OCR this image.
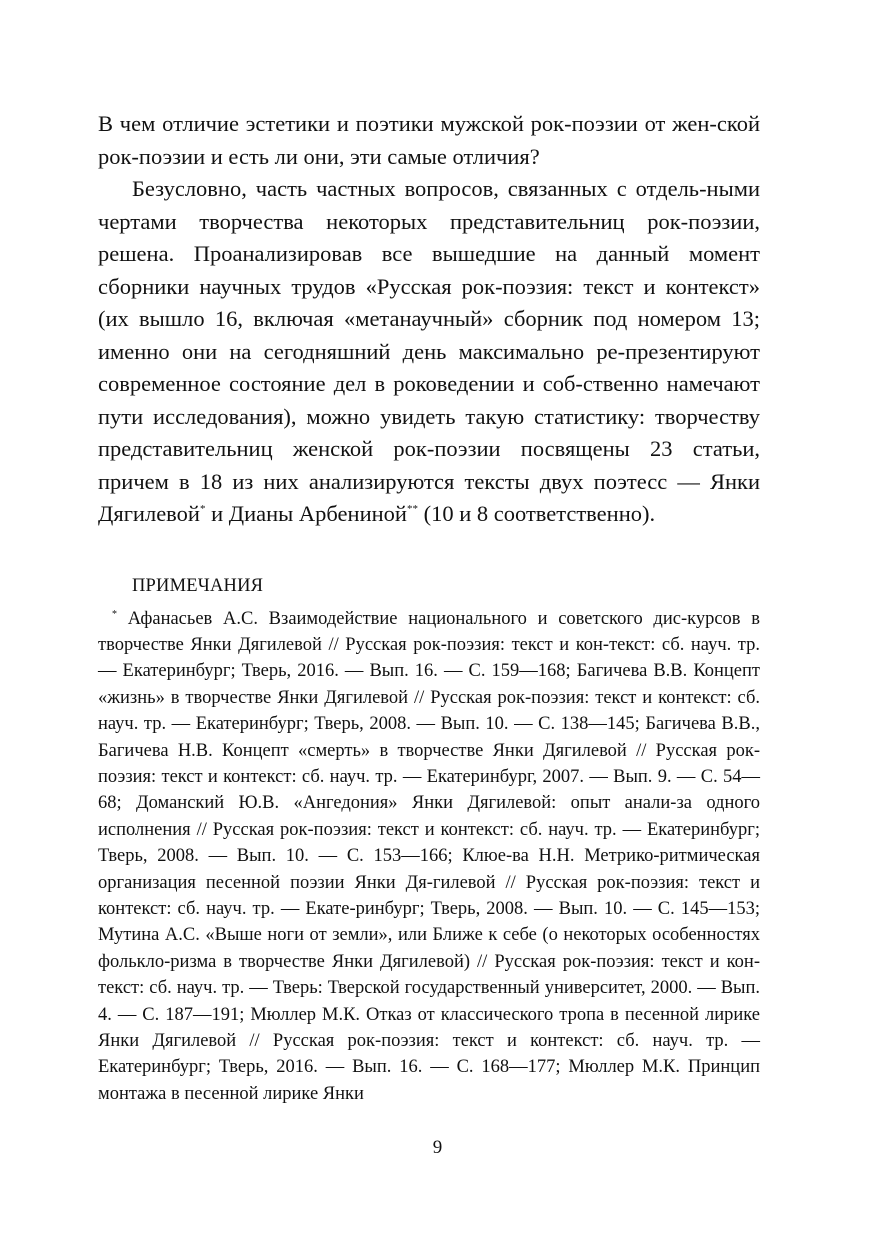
В чем отличие эстетики и поэтики мужской рок-поэзии от жен-ской рок-поэзии и есть ли они, эти самые отличия?

Безусловно, часть частных вопросов, связанных с отдель-ными чертами творчества некоторых представительниц рок-поэзии, решена. Проанализировав все вышедшие на данный момент сборники научных трудов «Русская рок-поэзия: текст и контекст» (их вышло 16, включая «метанаучный» сборник под номером 13; именно они на сегодняшний день максимально ре-презентируют современное состояние дел в роковедении и соб-ственно намечают пути исследования), можно увидеть такую статистику: творчеству представительниц женской рок-поэзии посвящены 23 статьи, причем в 18 из них анализируются тексты двух поэтесс — Янки Дягилевой* и Дианы Арбениной** (10 и 8 соответственно).

ПРИМЕЧАНИЯ

* Афанасьев А.С. Взаимодействие национального и советского дис-курсов в творчестве Янки Дягилевой // Русская рок-поэзия: текст и кон-текст: сб. науч. тр. — Екатеринбург; Тверь, 2016. — Вып. 16. — С. 159—168; Багичева В.В. Концепт «жизнь» в творчестве Янки Дягилевой // Русская рок-поэзия: текст и контекст: сб. науч. тр. — Екатеринбург; Тверь, 2008. — Вып. 10. — С. 138—145; Багичева В.В., Багичева Н.В. Концепт «смерть» в творчестве Янки Дягилевой // Русская рок-поэзия: текст и контекст: сб. науч. тр. — Екатеринбург, 2007. — Вып. 9. — С. 54—68; Доманский Ю.В. «Ангедония» Янки Дягилевой: опыт анали-за одного исполнения // Русская рок-поэзия: текст и контекст: сб. науч. тр. — Екатеринбург; Тверь, 2008. — Вып. 10. — С. 153—166; Клюе-ва Н.Н. Метрико-ритмическая организация песенной поэзии Янки Дя-гилевой // Русская рок-поэзия: текст и контекст: сб. науч. тр. — Екате-ринбург; Тверь, 2008. — Вып. 10. — С. 145—153; Мутина А.С. «Выше ноги от земли», или Ближе к себе (о некоторых особенностях фолькло-ризма в творчестве Янки Дягилевой) // Русская рок-поэзия: текст и кон-текст: сб. науч. тр. — Тверь: Тверской государственный университет, 2000. — Вып. 4. — С. 187—191; Мюллер М.К. Отказ от классического тропа в песенной лирике Янки Дягилевой // Русская рок-поэзия: текст и контекст: сб. науч. тр. — Екатеринбург; Тверь, 2016. — Вып. 16. — С. 168—177; Мюллер М.К. Принцип монтажа в песенной лирике Янки

9
